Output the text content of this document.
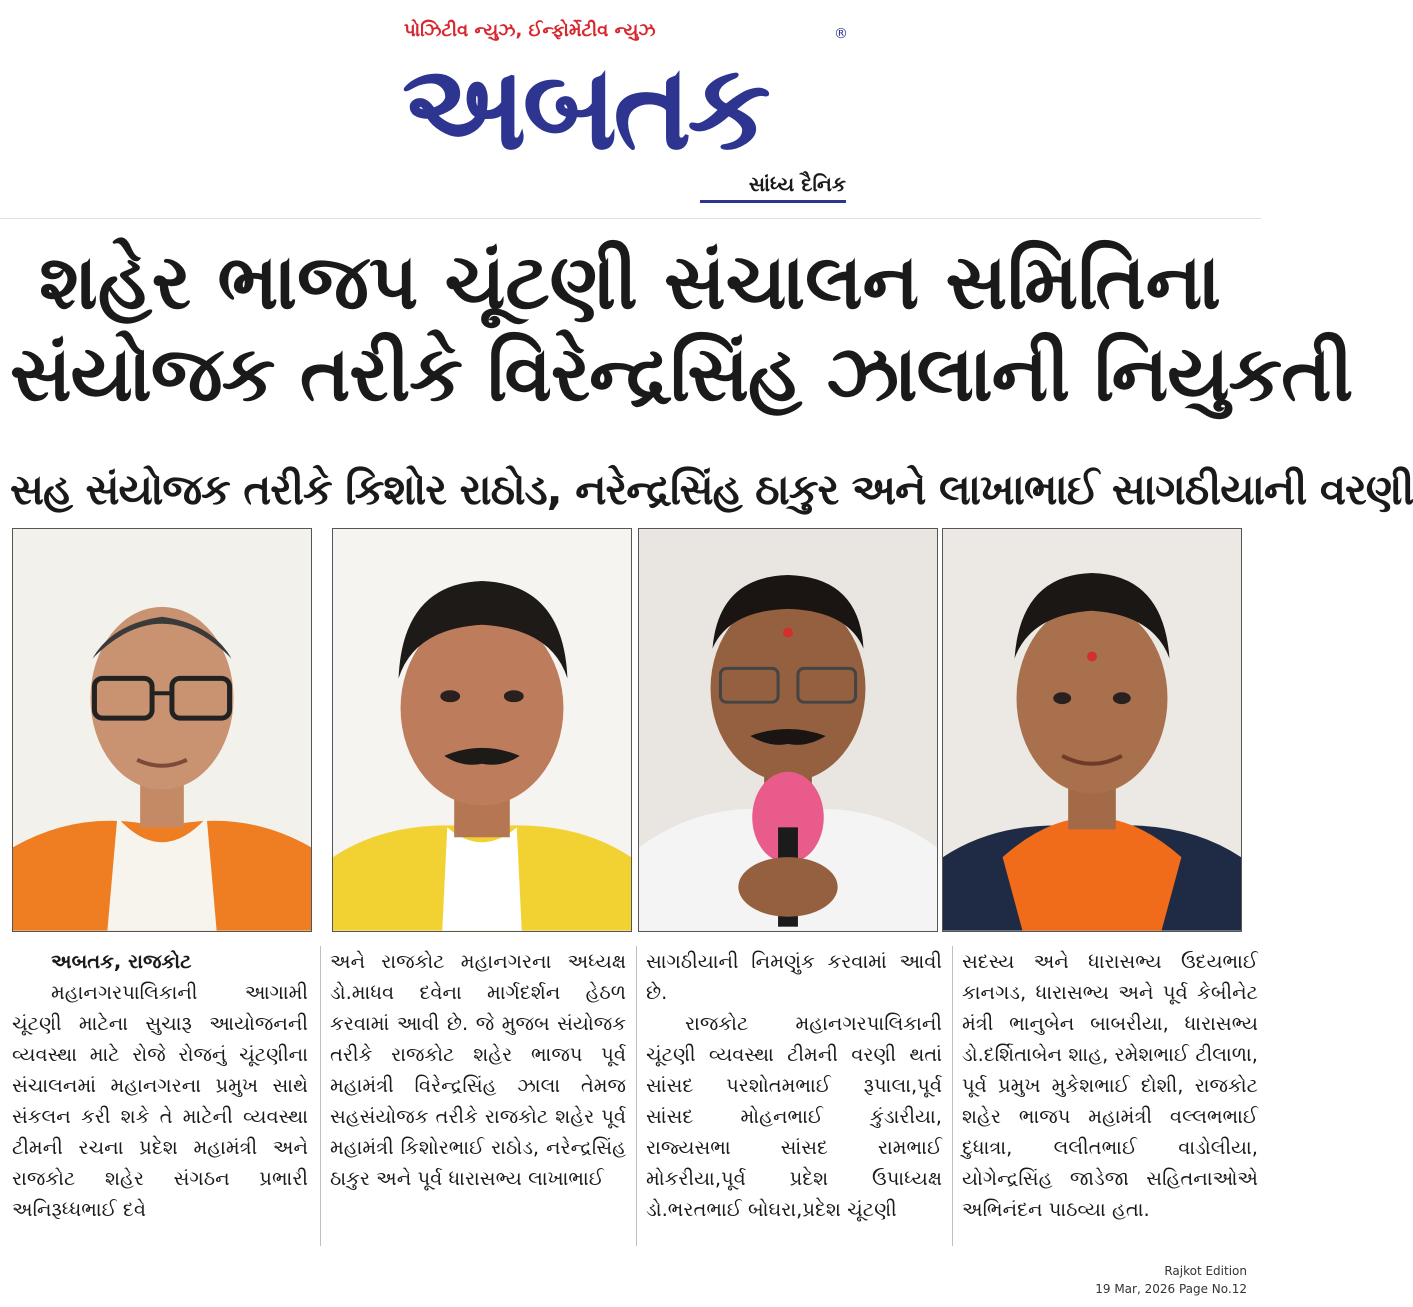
પોઝિટીવ ન્યુઝ, ઈન્ફોર્મેટીવ ન્યુઝ
અબતક
®
સાંધ્ય દૈનિક
શહેર ભાજપ ચૂંટણી સંચાલન સમિતિના
સંયોજક તરીકે વિરેન્દ્રસિંહ ઝાલાની નિયુકતી
સહ સંયોજક તરીકે કિશોર રાઠોડ, નરેન્દ્રસિંહ ઠાકુર અને લાખાભાઈ સાગઠીયાની વરણી

અબતક, રાજકોટ

મહાનગરપાલિકાની આગામી ચૂંટણી માટેના સુચારૂ આયોજનની વ્યવસ્થા માટે રોજે રોજનું ચૂંટણીના સંચાલનમાં મહાનગરના પ્રમુખ સાથે સંકલન કરી શકે તે માટેની વ્યવસ્થા ટીમની રચના પ્રદેશ મહામંત્રી અને રાજકોટ શહેર સંગઠન પ્રભારી અનિરૂધ્ધભાઈ દવે

અને રાજકોટ મહાનગરના અધ્યક્ષ ડો.માધવ દવેના માર્ગદર્શન હેઠળ કરવામાં આવી છે. જે મુજબ સંયોજક તરીકે રાજકોટ શહેર ભાજપ પૂર્વ મહામંત્રી વિરેન્દ્રસિંહ ઝાલા તેમજ સહસંયોજક તરીકે રાજકોટ શહેર પૂર્વ મહામંત્રી કિશોરભાઈ રાઠોડ, નરેન્દ્રસિંહ ઠાકુર અને પૂર્વ ધારાસભ્ય લાખાભાઈ

સાગઠીયાની નિમણુંક કરવામાં આવી છે.

રાજકોટ મહાનગરપાલિકાની ચૂંટણી વ્યવસ્થા ટીમની વરણી થતાં સાંસદ પરશોતમભાઈ રૂપાલા,પૂર્વ સાંસદ મોહનભાઈ કુંડારીયા, રાજ્યસભા સાંસદ રામભાઈ મોકરીયા,પૂર્વ પ્રદેશ ઉપાધ્યક્ષ ડો.ભરતભાઈ બોઘરા,પ્રદેશ ચૂંટણી

સદસ્ય અને ધારાસભ્ય ઉદયભાઈ કાનગડ, ધારાસભ્ય અને પૂર્વ કેબીનેટ મંત્રી ભાનુબેન બાબરીયા, ધારાસભ્ય ડો.દર્શિતાબેન શાહ, રમેશભાઈ ટીલાળા, પૂર્વ પ્રમુખ મુકેશભાઈ દોશી, રાજકોટ શહેર ભાજપ મહામંત્રી વલ્લભભાઈ દુધાત્રા, લલીતભાઈ વાડોલીયા, યોગેન્દ્રસિંહ જાડેજા સહિતનાઓએ અભિનંદન પાઠવ્યા હતા.

Rajkot Edition
19 Mar, 2026 Page No.12
